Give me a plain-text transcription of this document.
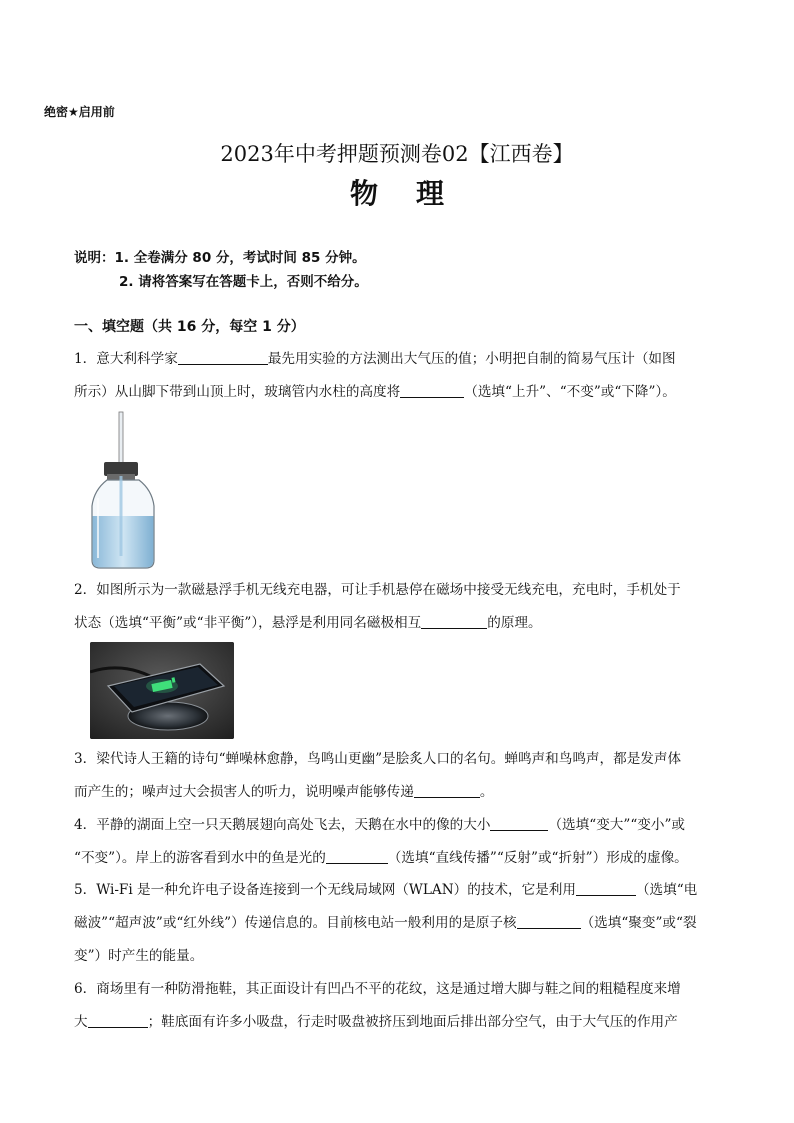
绝密★启用前
2023年中考押题预测卷02【江西卷】
物理
说明：1. 全卷满分 80 分，考试时间 85 分钟。
2. 请将答案写在答题卡上，否则不给分。
一、填空题（共 16 分，每空 1 分）
1．意大利科学家	最先用实验的方法测出大气压的值；小明把自制的简易气压计（如图
所示）从山脚下带到山顶上时，玻璃管内水柱的高度将	（选填“上升”、“不变”或“下降”）。
2．如图所示为一款磁悬浮手机无线充电器，可让手机悬停在磁场中接受无线充电，充电时，手机处于
状态（选填“平衡”或“非平衡”），悬浮是利用同名磁极相互	的原理。
3．梁代诗人王籍的诗句“蝉噪林愈静，鸟鸣山更幽”是脍炙人口的名句。蝉鸣声和鸟鸣声，都是发声体
而产生的；噪声过大会损害人的听力，说明噪声能够传递	。
4．平静的湖面上空一只天鹅展翅向高处飞去，天鹅在水中的像的大小	（选填“变大”“变小”或
“不变”）。岸上的游客看到水中的鱼是光的	（选填“直线传播”“反射”或“折射”）形成的虚像。
5．Wi-Fi 是一种允许电子设备连接到一个无线局域网（WLAN）的技术，它是利用	（选填“电
磁波”“超声波”或“红外线”）传递信息的。目前核电站一般利用的是原子核	（选填“聚变”或“裂
变”）时产生的能量。
6．商场里有一种防滑拖鞋，其正面设计有凹凸不平的花纹，这是通过增大脚与鞋之间的粗糙程度来增
大	；鞋底面有许多小吸盘，行走时吸盘被挤压到地面后排出部分空气，由于大气压的作用产
